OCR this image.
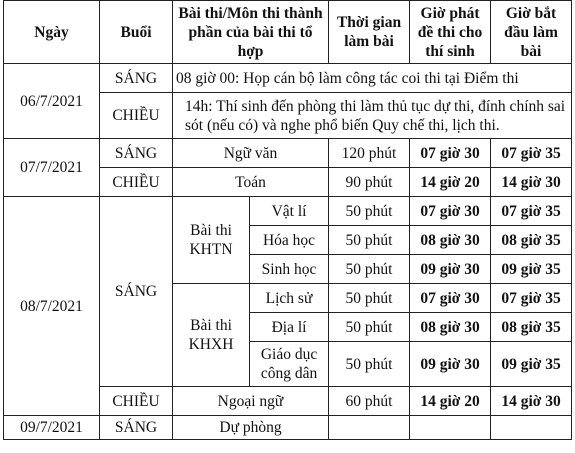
Ngày	Buổi	Bài thi/Môn thi thành phần của bài thi tổ hợp		Thời gian làm bài	Giờ phát đề thi cho thí sinh	Giờ bắt đầu làm bài
06/7/2021	SÁNG	08 giờ 00: Họp cán bộ làm công tác coi thi tại Điểm thi				
	CHIỀU	14h: Thí sinh đến phòng thi làm thủ tục dự thi, đính chính sai sót (nếu có) và nghe phổ biến Quy chế thi, lịch thi.				
07/7/2021	SÁNG	Ngữ văn		120 phút	07 giờ 30	07 giờ 35
	CHIỀU	Toán		90 phút	14 giờ 20	14 giờ 30
08/7/2021	SÁNG	Bài thi KHTN	Vật lí	50 phút	07 giờ 30	07 giờ 35
			Hóa học	50 phút	08 giờ 30	08 giờ 35
			Sinh học	50 phút	09 giờ 30	09 giờ 35
		Bài thi KHXH	Lịch sử	50 phút	07 giờ 30	07 giờ 35
			Địa lí	50 phút	08 giờ 30	08 giờ 35
			Giáo dục công dân	50 phút	09 giờ 30	09 giờ 35
	CHIỀU	Ngoại ngữ		60 phút	14 giờ 20	14 giờ 30
09/7/2021	SÁNG	Dự phòng				
